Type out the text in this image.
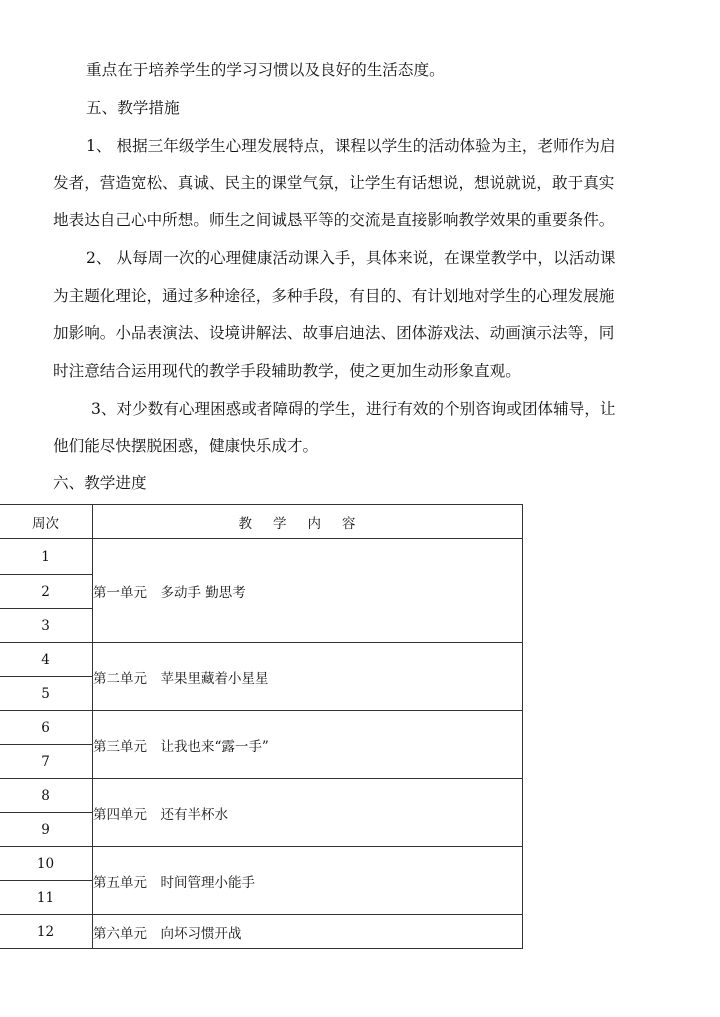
重点在于培养学生的学习习惯以及良好的生活态度。

五、教学措施

1、 根据三年级学生心理发展特点，课程以学生的活动体验为主，老师作为启

发者，营造宽松、真诚、民主的课堂气氛，让学生有话想说，想说就说，敢于真实

地表达自己心中所想。师生之间诚恳平等的交流是直接影响教学效果的重要条件。

2、 从每周一次的心理健康活动课入手，具体来说，在课堂教学中，以活动课

为主题化理论，通过多种途径，多种手段，有目的、有计划地对学生的心理发展施

加影响。小品表演法、设境讲解法、故事启迪法、团体游戏法、动画演示法等，同

时注意结合运用现代的教学手段辅助教学，使之更加生动形象直观。

3、对少数有心理困惑或者障碍的学生，进行有效的个别咨询或团体辅导，让

他们能尽快摆脱困惑，健康快乐成才。

六、教学进度

周次	教学内容
1	第一单元　多动手 勤思考
2	
3	
4	第二单元　苹果里藏着小星星
5	
6	第三单元　让我也来“露一手”
7	
8	第四单元　还有半杯水
9	
10	第五单元　时间管理小能手
11	
12	第六单元　向坏习惯开战
